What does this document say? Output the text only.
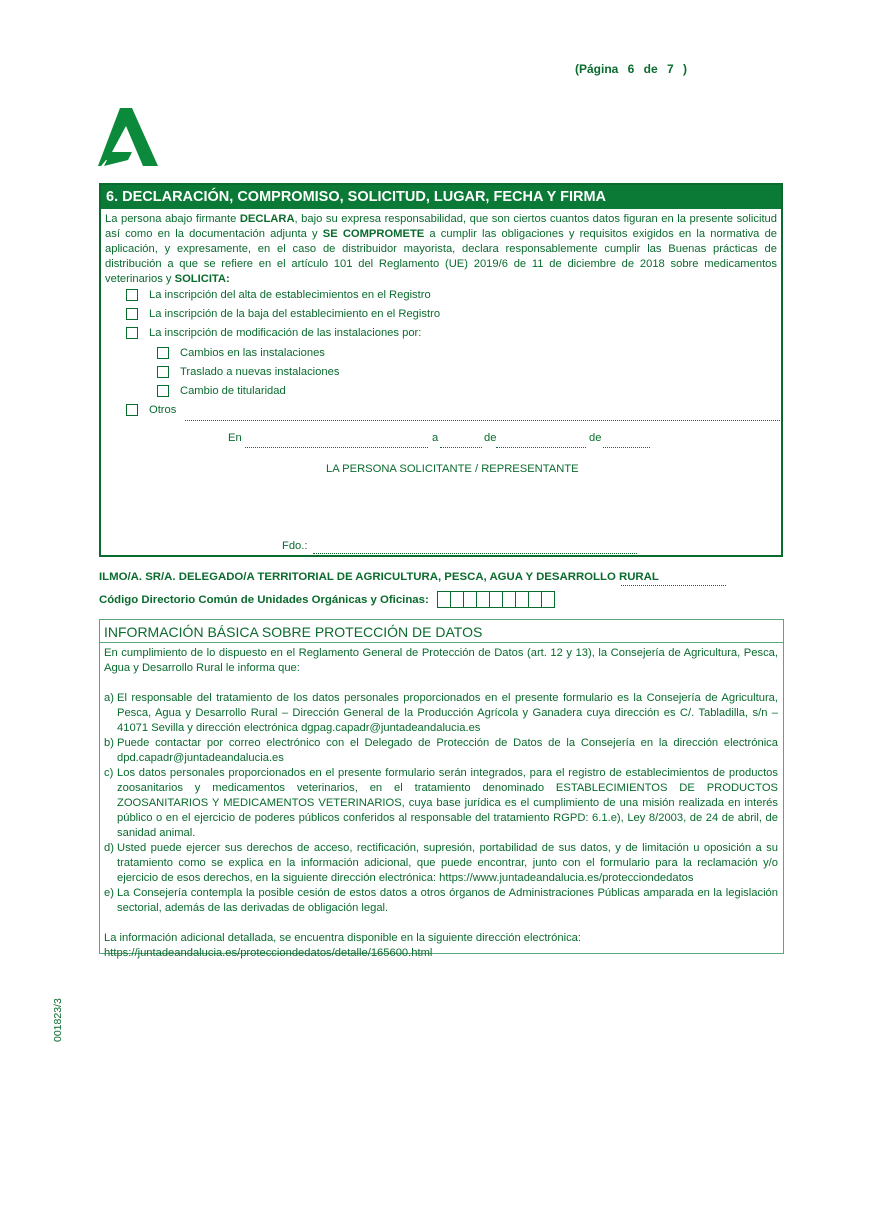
(Página 6 de 7 )
6. DECLARACIÓN, COMPROMISO, SOLICITUD, LUGAR, FECHA Y FIRMA
La persona abajo firmante DECLARA, bajo su expresa responsabilidad, que son ciertos cuantos datos figuran en la presente solicitud así como en la documentación adjunta y SE COMPROMETE a cumplir las obligaciones y requisitos exigidos en la normativa de aplicación, y expresamente, en el caso de distribuidor mayorista, declara responsablemente cumplir las Buenas prácticas de distribución a que se refiere en el artículo 101 del Reglamento (UE) 2019/6 de 11 de diciembre de 2018 sobre medicamentos veterinarios y SOLICITA:
La inscripción del alta de establecimientos en el Registro
La inscripción de la baja del establecimiento en el Registro
La inscripción de modificación de las instalaciones por:
Cambios en las instalaciones
Traslado a nuevas instalaciones
Cambio de titularidad
Otros
En	a	de	de
LA PERSONA SOLICITANTE / REPRESENTANTE
Fdo.:
ILMO/A. SR/A. DELEGADO/A TERRITORIAL DE AGRICULTURA, PESCA, AGUA Y DESARROLLO RURAL
Código Directorio Común de Unidades Orgánicas y Oficinas:
INFORMACIÓN BÁSICA SOBRE PROTECCIÓN DE DATOS

En cumplimiento de lo dispuesto en el Reglamento General de Protección de Datos (art. 12 y 13), la Consejería de Agricultura, Pesca, Agua y Desarrollo Rural le informa que:

a) El responsable del tratamiento de los datos personales proporcionados en el presente formulario es la Consejería de Agricultura, Pesca, Agua y Desarrollo Rural – Dirección General de la Producción Agrícola y Ganadera cuya dirección es C/. Tabladilla, s/n – 41071 Sevilla y dirección electrónica dgpag.capadr@juntadeandalucia.es
b) Puede contactar por correo electrónico con el Delegado de Protección de Datos de la Consejería en la dirección electrónica dpd.capadr@juntadeandalucia.es
c) Los datos personales proporcionados en el presente formulario serán integrados, para el registro de establecimientos de productos zoosanitarios y medicamentos veterinarios, en el tratamiento denominado ESTABLECIMIENTOS DE PRODUCTOS ZOOSANITARIOS Y MEDICAMENTOS VETERINARIOS, cuya base jurídica es el cumplimiento de una misión realizada en interés público o en el ejercicio de poderes públicos conferidos al responsable del tratamiento RGPD: 6.1.e), Ley 8/2003, de 24 de abril, de sanidad animal.
d) Usted puede ejercer sus derechos de acceso, rectificación, supresión, portabilidad de sus datos, y de limitación u oposición a su tratamiento como se explica en la información adicional, que puede encontrar, junto con el formulario para la reclamación y/o ejercicio de esos derechos, en la siguiente dirección electrónica: https://www.juntadeandalucia.es/protecciondedatos
e) La Consejería contempla la posible cesión de estos datos a otros órganos de Administraciones Públicas amparada en la legislación sectorial, además de las derivadas de obligación legal.

La información adicional detallada, se encuentra disponible en la siguiente dirección electrónica:

https://juntadeandalucia.es/protecciondedatos/detalle/165600.html

001823/3
